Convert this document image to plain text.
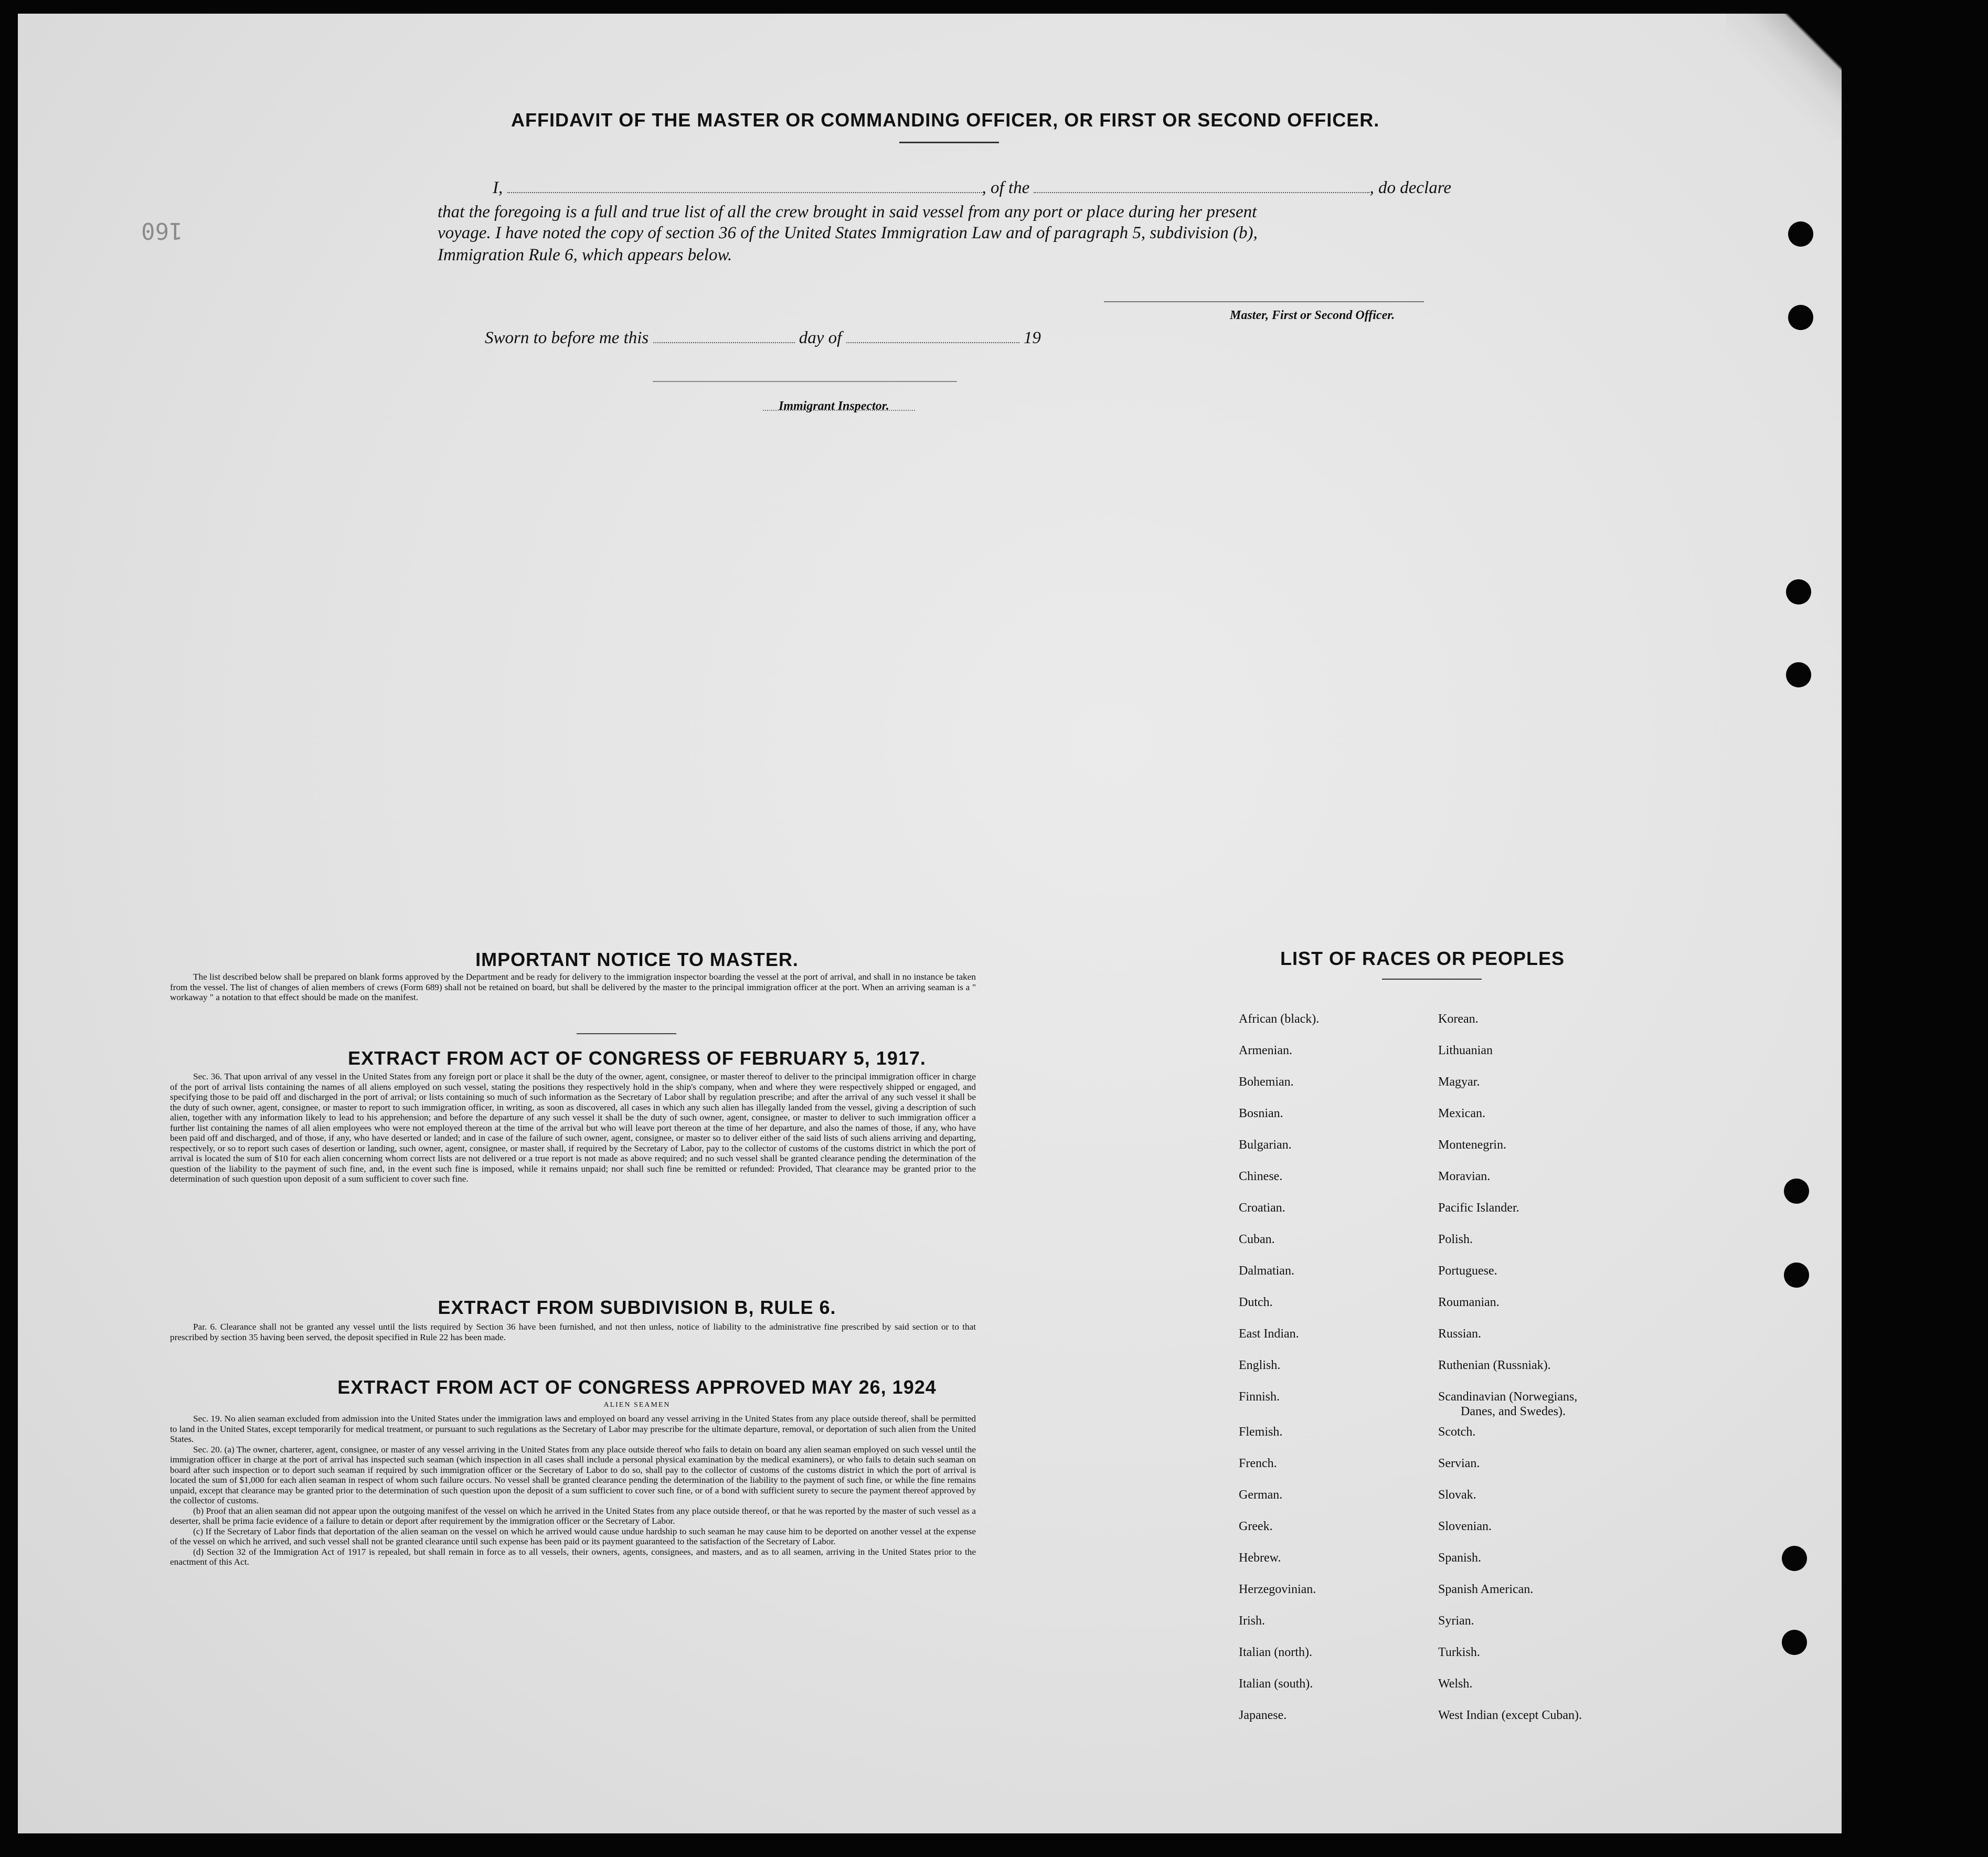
AFFIDAVIT OF THE MASTER OR COMMANDING OFFICER, OR FIRST OR SECOND OFFICER.
I,	, of the	, do declare
that the foregoing is a full and true list of all the crew brought in said vessel from any port or place during her present
voyage. I have noted the copy of section 36 of the United States Immigration Law and of paragraph 5, subdivision (b),
Immigration Rule 6, which appears below.
Master, First or Second Officer.
Sworn to before me this	day of	19
Immigrant Inspector.
160
IMPORTANT NOTICE TO MASTER.

The list described below shall be prepared on blank forms approved by the Department and be ready for delivery to the immigration inspector boarding the vessel at the port of arrival, and shall in no instance be taken from the vessel. The list of changes of alien members of crews (Form 689) shall not be retained on board, but shall be delivered by the master to the principal immigration officer at the port. When an arriving seaman is a " workaway " a notation to that effect should be made on the manifest.

EXTRACT FROM ACT OF CONGRESS OF FEBRUARY 5, 1917.

Sec. 36. That upon arrival of any vessel in the United States from any foreign port or place it shall be the duty of the owner, agent, consignee, or master thereof to deliver to the principal immigration officer in charge of the port of arrival lists containing the names of all aliens employed on such vessel, stating the positions they respectively hold in the ship's company, when and where they were respectively shipped or engaged, and specifying those to be paid off and discharged in the port of arrival; or lists containing so much of such information as the Secretary of Labor shall by regulation prescribe; and after the arrival of any such vessel it shall be the duty of such owner, agent, consignee, or master to report to such immigration officer, in writing, as soon as discovered, all cases in which any such alien has illegally landed from the vessel, giving a description of such alien, together with any information likely to lead to his apprehension; and before the departure of any such vessel it shall be the duty of such owner, agent, consignee, or master to deliver to such immigration officer a further list containing the names of all alien employees who were not employed thereon at the time of the arrival but who will leave port thereon at the time of her departure, and also the names of those, if any, who have been paid off and discharged, and of those, if any, who have deserted or landed; and in case of the failure of such owner, agent, consignee, or master so to deliver either of the said lists of such aliens arriving and departing, respectively, or so to report such cases of desertion or landing, such owner, agent, consignee, or master shall, if required by the Secretary of Labor, pay to the collector of customs of the customs district in which the port of arrival is located the sum of $10 for each alien concerning whom correct lists are not delivered or a true report is not made as above required; and no such vessel shall be granted clearance pending the determination of the question of the liability to the payment of such fine, and, in the event such fine is imposed, while it remains unpaid; nor shall such fine be remitted or refunded: Provided, That clearance may be granted prior to the determination of such question upon deposit of a sum sufficient to cover such fine.

EXTRACT FROM SUBDIVISION B, RULE 6.

Par. 6. Clearance shall not be granted any vessel until the lists required by Section 36 have been furnished, and not then unless, notice of liability to the administrative fine prescribed by said section or to that prescribed by section 35 having been served, the deposit specified in Rule 22 has been made.

EXTRACT FROM ACT OF CONGRESS APPROVED MAY 26, 1924
ALIEN SEAMEN

Sec. 19. No alien seaman excluded from admission into the United States under the immigration laws and employed on board any vessel arriving in the United States from any place outside thereof, shall be permitted to land in the United States, except temporarily for medical treatment, or pursuant to such regulations as the Secretary of Labor may prescribe for the ultimate departure, removal, or deportation of such alien from the United States.

Sec. 20. (a) The owner, charterer, agent, consignee, or master of any vessel arriving in the United States from any place outside thereof who fails to detain on board any alien seaman employed on such vessel until the immigration officer in charge at the port of arrival has inspected such seaman (which inspection in all cases shall include a personal physical examination by the medical examiners), or who fails to detain such seaman on board after such inspection or to deport such seaman if required by such immigration officer or the Secretary of Labor to do so, shall pay to the collector of customs of the customs district in which the port of arrival is located the sum of $1,000 for each alien seaman in respect of whom such failure occurs. No vessel shall be granted clearance pending the determination of the liability to the payment of such fine, or while the fine remains unpaid, except that clearance may be granted prior to the determination of such question upon the deposit of a sum sufficient to cover such fine, or of a bond with sufficient surety to secure the payment thereof approved by the collector of customs.

(b) Proof that an alien seaman did not appear upon the outgoing manifest of the vessel on which he arrived in the United States from any place outside thereof, or that he was reported by the master of such vessel as a deserter, shall be prima facie evidence of a failure to detain or deport after requirement by the immigration officer or the Secretary of Labor.

(c) If the Secretary of Labor finds that deportation of the alien seaman on the vessel on which he arrived would cause undue hardship to such seaman he may cause him to be deported on another vessel at the expense of the vessel on which he arrived, and such vessel shall not be granted clearance until such expense has been paid or its payment guaranteed to the satisfaction of the Secretary of Labor.

(d) Section 32 of the Immigration Act of 1917 is repealed, but shall remain in force as to all vessels, their owners, agents, consignees, and masters, and as to all seamen, arriving in the United States prior to the enactment of this Act.

LIST OF RACES OR PEOPLES
African (black).
Armenian.
Bohemian.
Bosnian.
Bulgarian.
Chinese.
Croatian.
Cuban.
Dalmatian.
Dutch.
East Indian.
English.
Finnish.
Flemish.
French.
German.
Greek.
Hebrew.
Herzegovinian.
Irish.
Italian (north).
Italian (south).
Japanese.
Korean.
Lithuanian
Magyar.
Mexican.
Montenegrin.
Moravian.
Pacific Islander.
Polish.
Portuguese.
Roumanian.
Russian.
Ruthenian (Russniak).
Scandinavian (Norwegians,
Danes, and Swedes).
Scotch.
Servian.
Slovak.
Slovenian.
Spanish.
Spanish American.
Syrian.
Turkish.
Welsh.
West Indian (except Cuban).
